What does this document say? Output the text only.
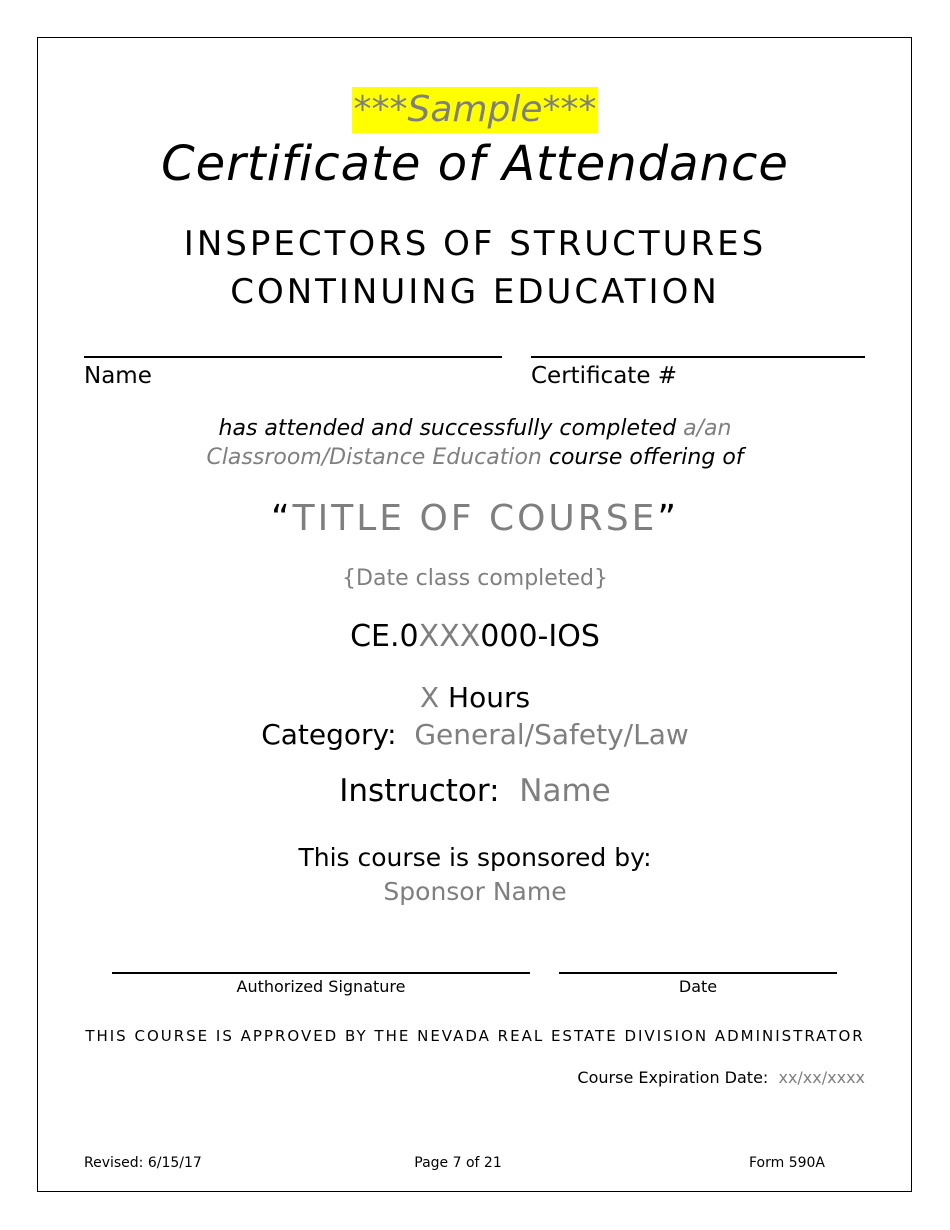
***Sample***
Certificate of Attendance
INSPECTORS OF STRUCTURES
CONTINUING EDUCATION
Name	Certificate #
has attended and successfully completed a/an
Classroom/Distance Education course offering of
“TITLE OF COURSE”
{Date class completed}
CE.0XXX000-IOS
X Hours
Category: General/Safety/Law
Instructor: Name
This course is sponsored by:
Sponsor Name
Authorized Signature	Date
THIS COURSE IS APPROVED BY THE NEVADA REAL ESTATE DIVISION ADMINISTRATOR
Course Expiration Date: xx/xx/xxxx
Revised: 6/15/17	Page 7 of 21	Form 590A
